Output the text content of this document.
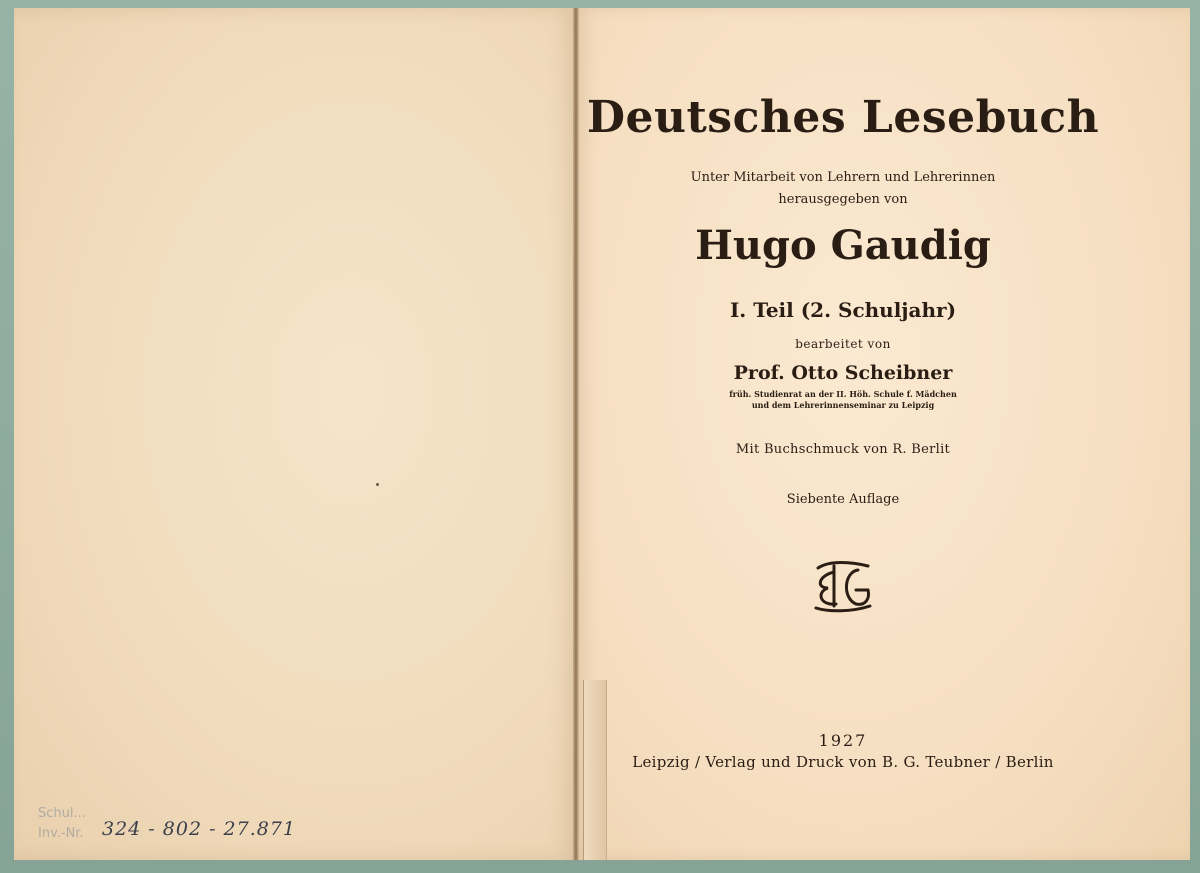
Deutsches Lesebuch

Unter Mitarbeit von Lehrern und Lehrerinnen

herausgegeben von

Hugo Gaudig

I. Teil (2. Schuljahr)

bearbeitet von

Prof. Otto Scheibner

früh. Studienrat an der II. Höh. Schule f. Mädchen

und dem Lehrerinnenseminar zu Leipzig

Mit Buchschmuck von R. Berlit

Siebente Auflage

1927

Leipzig / Verlag und Druck von B. G. Teubner / Berlin

Schul...
Inv.-Nr. 324 - 802 - 27.871
